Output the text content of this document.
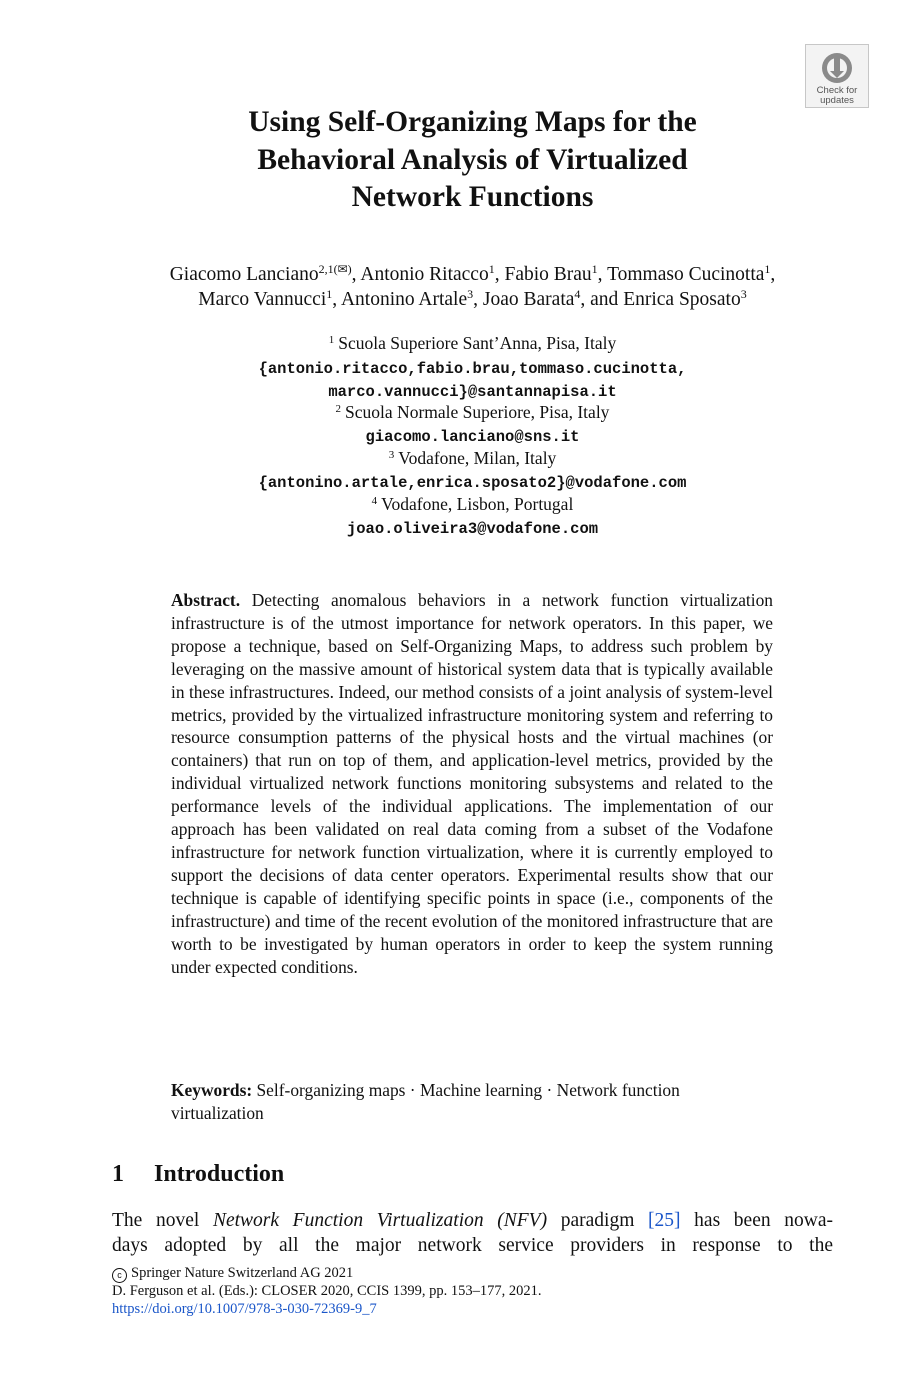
Check for
updates
Using Self-Organizing Maps for the
Behavioral Analysis of Virtualized
Network Functions
Giacomo Lanciano$^{2,1(✉)}$, Antonio Ritacco$^1$, Fabio Brau$^1$, Tommaso Cucinotta$^1$,
Marco Vannucci$^1$, Antonino Artale$^3$, Joao Barata$^4$, and Enrica Sposato$^3$
$^1$ Scuola Superiore Sant’Anna, Pisa, Italy
{antonio.ritacco,fabio.brau,tommaso.cucinotta,
marco.vannucci}@santannapisa.it
$^2$ Scuola Normale Superiore, Pisa, Italy
giacomo.lanciano@sns.it
$^3$ Vodafone, Milan, Italy
{antonino.artale,enrica.sposato2}@vodafone.com
$^4$ Vodafone, Lisbon, Portugal
joao.oliveira3@vodafone.com
Abstract. Detecting anomalous behaviors in a network function virtualization infrastructure is of the utmost importance for network operators. In this paper, we propose a technique, based on Self-Organizing Maps, to address such problem by leveraging on the massive amount of historical system data that is typically available in these infrastructures. Indeed, our method consists of a joint analysis of system-level metrics, provided by the virtualized infrastructure monitoring system and referring to resource consumption patterns of the physical hosts and the virtual machines (or containers) that run on top of them, and application-level metrics, provided by the individual virtualized network functions monitoring subsystems and related to the performance levels of the individual applications. The implementation of our approach has been validated on real data coming from a subset of the Vodafone infrastructure for network function virtualization, where it is currently employed to support the decisions of data center operators. Experimental results show that our technique is capable of identifying specific points in space (i.e., components of the infrastructure) and time of the recent evolution of the monitored infrastructure that are worth to be investigated by human operators in order to keep the system running under expected conditions.
Keywords: Self-organizing maps · Machine learning · Network function virtualization
1 Introduction
The novel Network Function Virtualization (NFV) paradigm [25] has been nowa-
days adopted by all the major network service providers in response to the
c Springer Nature Switzerland AG 2021
D. Ferguson et al. (Eds.): CLOSER 2020, CCIS 1399, pp. 153–177, 2021.
https://doi.org/10.1007/978-3-030-72369-9_7
